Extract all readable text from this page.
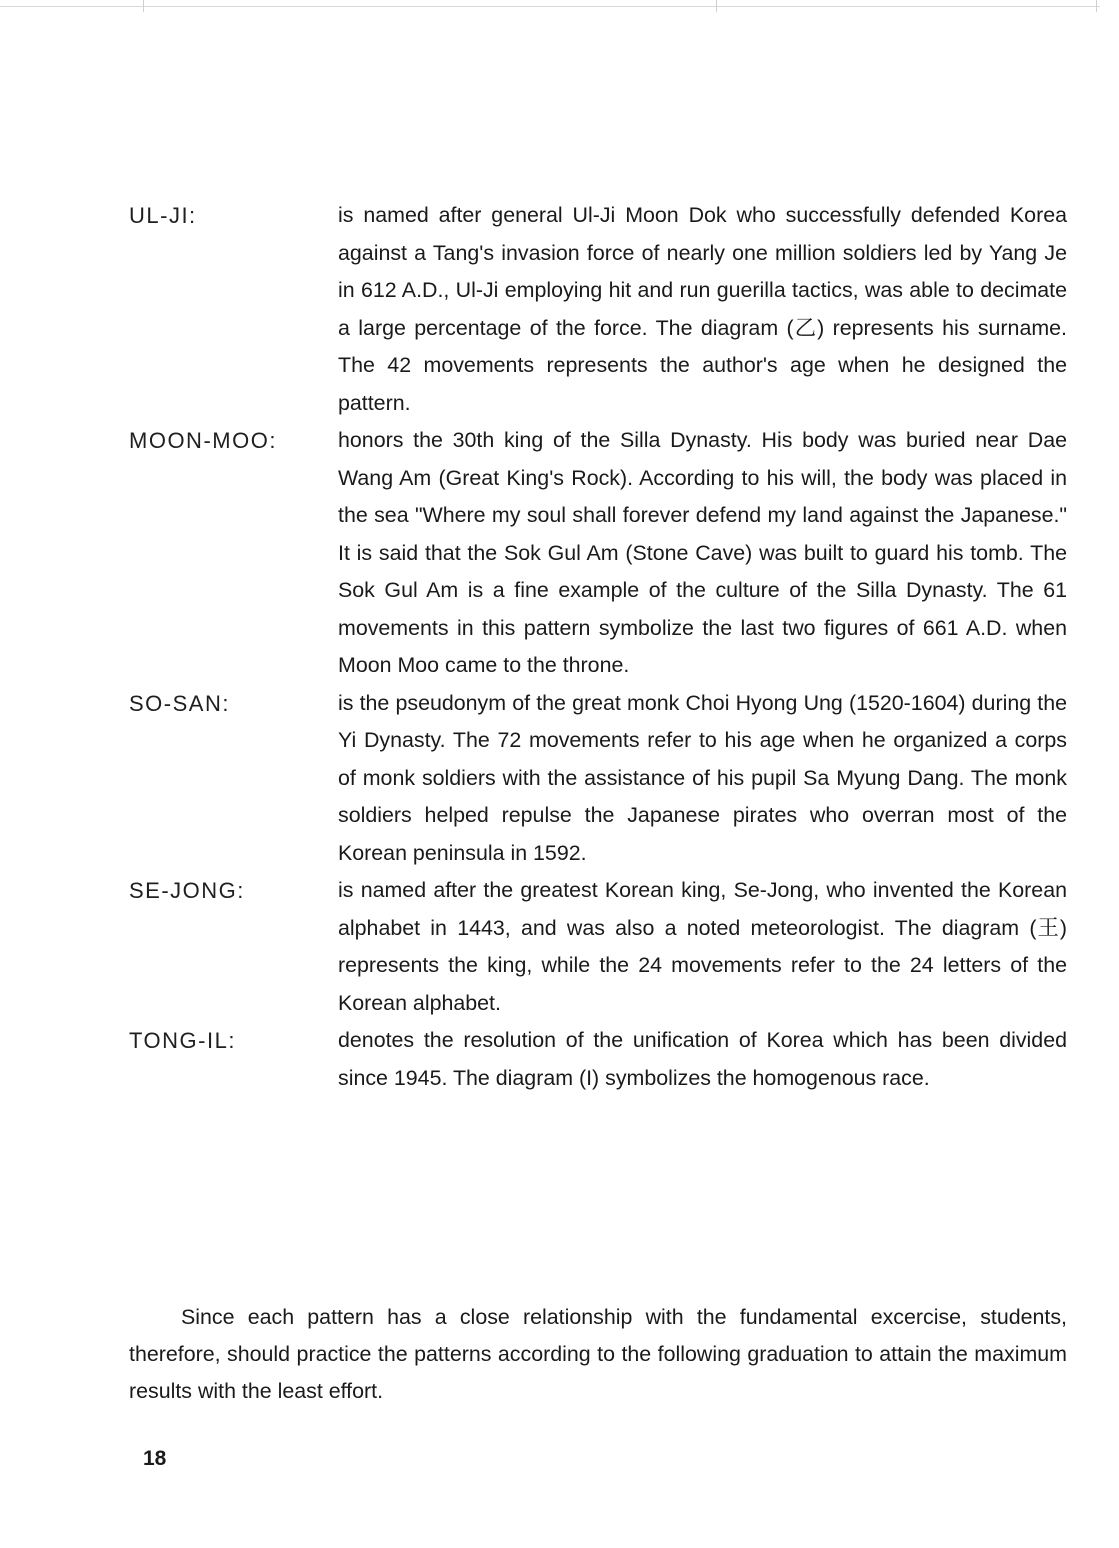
UL-JI:	is named after general Ul-Ji Moon Dok who successfully defended Korea against a Tang's invasion force of nearly one million soldiers led by Yang Je in 612 A.D., Ul-Ji employing hit and run guerilla tactics, was able to decimate a large percentage of the force. The diagram (乙) represents his surname. The 42 movements represents the author's age when he designed the pattern.
MOON-MOO:	honors the 30th king of the Silla Dynasty. His body was buried near Dae Wang Am (Great King's Rock). According to his will, the body was placed in the sea "Where my soul shall forever defend my land against the Japanese." It is said that the Sok Gul Am (Stone Cave) was built to guard his tomb. The Sok Gul Am is a fine example of the culture of the Silla Dynasty. The 61 movements in this pattern symbolize the last two figures of 661 A.D. when Moon Moo came to the throne.
SO-SAN:	is the pseudonym of the great monk Choi Hyong Ung (1520-1604) during the Yi Dynasty. The 72 movements refer to his age when he organized a corps of monk soldiers with the assistance of his pupil Sa Myung Dang. The monk soldiers helped repulse the Japanese pirates who overran most of the Korean peninsula in 1592.
SE-JONG:	is named after the greatest Korean king, Se-Jong, who invented the Korean alphabet in 1443, and was also a noted meteorologist. The diagram (王) represents the king, while the 24 movements refer to the 24 letters of the Korean alphabet.
TONG-IL:	denotes the resolution of the unification of Korea which has been divided since 1945. The diagram (I) symbolizes the homogenous race.

Since each pattern has a close relationship with the fundamental excercise, students, therefore, should practice the patterns according to the following graduation to attain the maximum results with the least effort.

18
